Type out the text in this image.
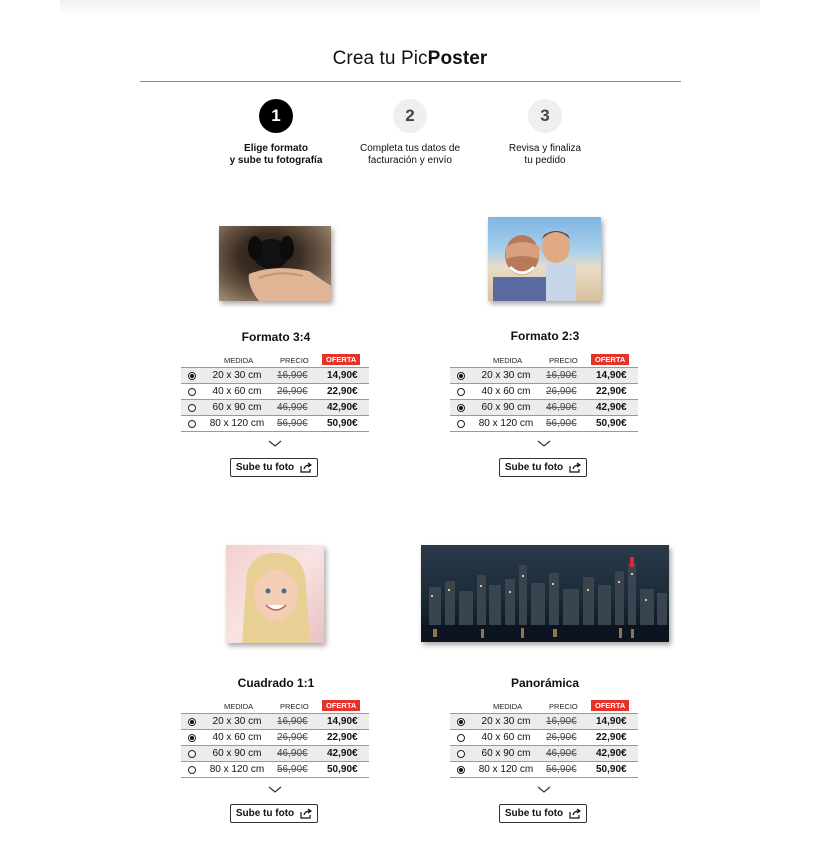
Crea tu PicPoster
1
Elige formato
y sube tu fotografía
2
Completa tus datos de
facturación y envío
3
Revisa y finaliza
tu pedido
Formato 3:4
MEDIDA	PRECIO	OFERTA
20 x 30 cm	16,90€ 14,90€
40 x 60 cm	26,90€ 22,90€
60 x 90 cm	46,90€ 42,90€
80 x 120 cm	56,90€ 50,90€
Sube tu foto
Formato 2:3
MEDIDA	PRECIO	OFERTA
20 x 30 cm	16,90€ 14,90€
40 x 60 cm	26,90€ 22,90€
60 x 90 cm	46,90€ 42,90€
80 x 120 cm	56,90€ 50,90€
Sube tu foto
Cuadrado 1:1
MEDIDA	PRECIO	OFERTA
20 x 30 cm	16,90€ 14,90€
40 x 60 cm	26,90€ 22,90€
60 x 90 cm	46,90€ 42,90€
80 x 120 cm	56,90€ 50,90€
Sube tu foto
Panorámica
MEDIDA	PRECIO	OFERTA
20 x 30 cm	16,90€ 14,90€
40 x 60 cm	26,90€ 22,90€
60 x 90 cm	46,90€ 42,90€
80 x 120 cm	56,90€ 50,90€
Sube tu foto
